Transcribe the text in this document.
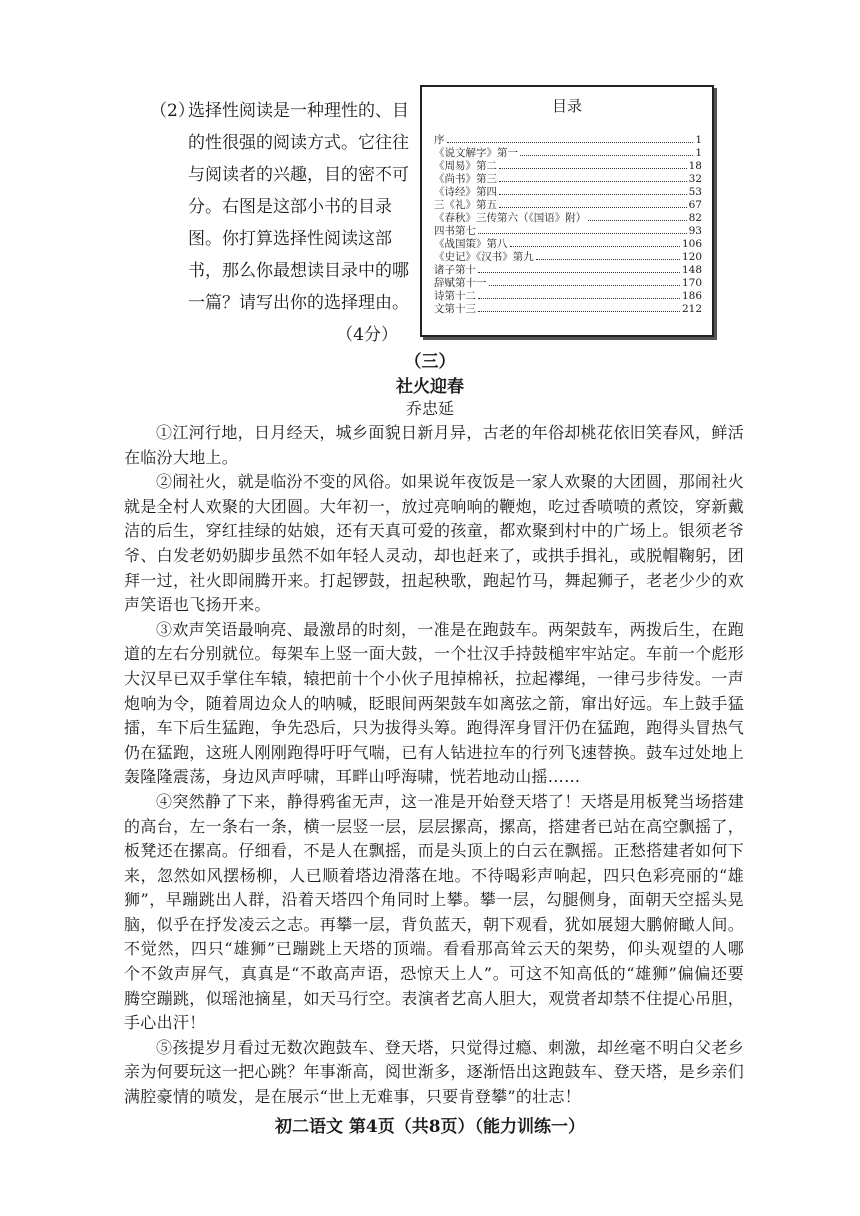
（2）
选择性阅读是一种理性的、目的性很强的阅读方式。它往往与阅读者的兴趣，目的密不可分。右图是这部小书的目录图。你打算选择性阅读这部书，那么你最想读目录中的哪一篇？请写出你的选择理由。
（4分）
目录
序	1
《说文解字》第一	1
《周易》第二	18
《尚书》第三	32
《诗经》第四	53
三《礼》第五	67
《春秋》三传第六（《国语》附）	82
四书第七	93
《战国策》第八	106
《史记》《汉书》第九	120
诸子第十	148
辞赋第十一	170
诗第十二	186
文第十三	212
（三）
社火迎春
乔忠延

①江河行地，日月经天，城乡面貌日新月异，古老的年俗却桃花依旧笑春风，鲜活在临汾大地上。

②闹社火，就是临汾不变的风俗。如果说年夜饭是一家人欢聚的大团圆，那闹社火就是全村人欢聚的大团圆。大年初一，放过亮响响的鞭炮，吃过香喷喷的煮饺，穿新戴洁的后生，穿红挂绿的姑娘，还有天真可爱的孩童，都欢聚到村中的广场上。银须老爷爷、白发老奶奶脚步虽然不如年轻人灵动，却也赶来了，或拱手揖礼，或脱帽鞠躬，团拜一过，社火即闹腾开来。打起锣鼓，扭起秧歌，跑起竹马，舞起狮子，老老少少的欢声笑语也飞扬开来。

③欢声笑语最响亮、最激昂的时刻，一准是在跑鼓车。两架鼓车，两拨后生，在跑道的左右分别就位。每架车上竖一面大鼓，一个壮汉手持鼓槌牢牢站定。车前一个彪形大汉早已双手掌住车辕，辕把前十个小伙子甩掉棉袄，拉起襻绳，一律弓步待发。一声炮响为令，随着周边众人的呐喊，眨眼间两架鼓车如离弦之箭，窜出好远。车上鼓手猛擂，车下后生猛跑，争先恐后，只为拔得头筹。跑得浑身冒汗仍在猛跑，跑得头冒热气仍在猛跑，这班人刚刚跑得吁吁气喘，已有人钻进拉车的行列飞速替换。鼓车过处地上轰隆隆震荡，身边风声呼啸，耳畔山呼海啸，恍若地动山摇……

④突然静了下来，静得鸦雀无声，这一准是开始登天塔了！天塔是用板凳当场搭建的高台，左一条右一条，横一层竖一层，层层摞高，摞高，搭建者已站在高空飘摇了，板凳还在摞高。仔细看，不是人在飘摇，而是头顶上的白云在飘摇。正愁搭建者如何下来，忽然如风摆杨柳，人已顺着塔边滑落在地。不待喝彩声响起，四只色彩亮丽的“雄狮”，早蹦跳出人群，沿着天塔四个角同时上攀。攀一层，勾腿侧身，面朝天空摇头晃脑，似乎在抒发凌云之志。再攀一层，背负蓝天，朝下观看，犹如展翅大鹏俯瞰人间。不觉然，四只“雄狮”已蹦跳上天塔的顶端。看看那高耸云天的架势，仰头观望的人哪个不敛声屏气，真真是“不敢高声语，恐惊天上人”。可这不知高低的“雄狮”偏偏还要腾空蹦跳，似瑶池摘星，如天马行空。表演者艺高人胆大，观赏者却禁不住提心吊胆，手心出汗！

⑤孩提岁月看过无数次跑鼓车、登天塔，只觉得过瘾、刺激，却丝毫不明白父老乡亲为何要玩这一把心跳？年事渐高，阅世渐多，逐渐悟出这跑鼓车、登天塔，是乡亲们满腔豪情的喷发，是在展示“世上无难事，只要肯登攀”的壮志！

初二语文 第4页（共8页）（能力训练一）
